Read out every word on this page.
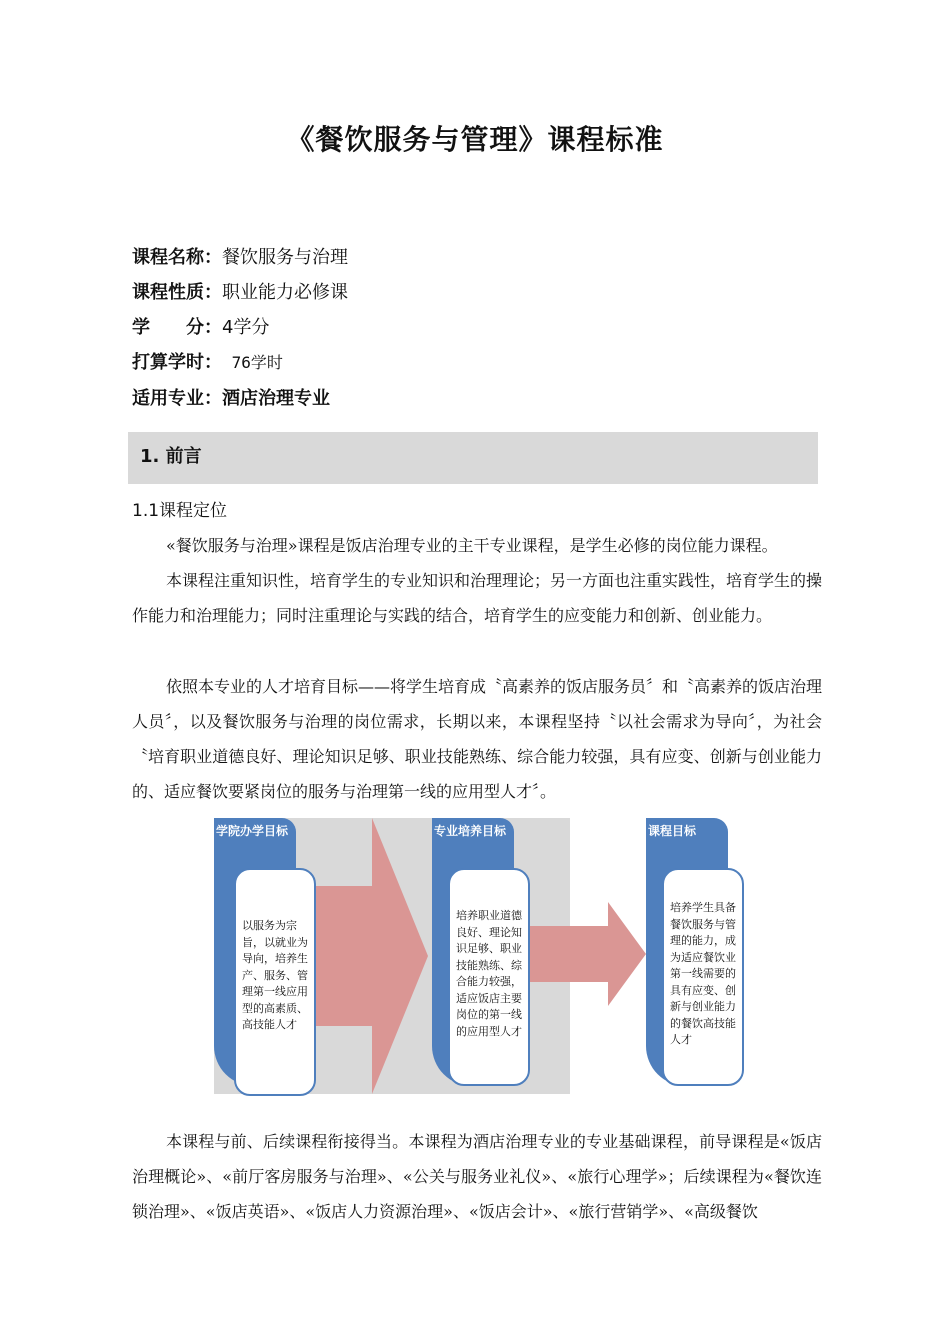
《餐饮服务与管理》课程标准
课程名称：餐饮服务与治理
课程性质：职业能力必修课
学　　分：4学分
打算学时： 76学时
适用专业：酒店治理专业
1. 前言
1.1课程定位

«餐饮服务与治理»课程是饭店治理专业的主干专业课程，是学生必修的岗位能力课程。

本课程注重知识性，培育学生的专业知识和治理理论；另一方面也注重实践性，培育学生的操作能力和治理能力；同时注重理论与实践的结合，培育学生的应变能力和创新、创业能力。

依照本专业的人才培育目标——将学生培育成〝高素养的饭店服务员〞和〝高素养的饭店治理人员〞，以及餐饮服务与治理的岗位需求，长期以来，本课程坚持〝以社会需求为导向〞，为社会〝培育职业道德良好、理论知识足够、职业技能熟练、综合能力较强，具有应变、创新与创业能力的、适应餐饮要紧岗位的服务与治理第一线的应用型人才〞。

学院办学目标
以服务为宗旨，以就业为导向，培养生产、服务、管理第一线应用型的高素质、高技能人才
专业培养目标
培养职业道德良好、理论知识足够、职业技能熟练、综合能力较强，适应饭店主要岗位的第一线的应用型人才
课程目标
培养学生具备餐饮服务与管理的能力，成为适应餐饮业第一线需要的具有应变、创新与创业能力的餐饮高技能人才

本课程与前、后续课程衔接得当。本课程为酒店治理专业的专业基础课程，前导课程是«饭店治理概论»、«前厅客房服务与治理»、«公关与服务业礼仪»、«旅行心理学»；后续课程为«餐饮连锁治理»、«饭店英语»、«饭店人力资源治理»、«饭店会计»、«旅行营销学»、«高级餐饮
